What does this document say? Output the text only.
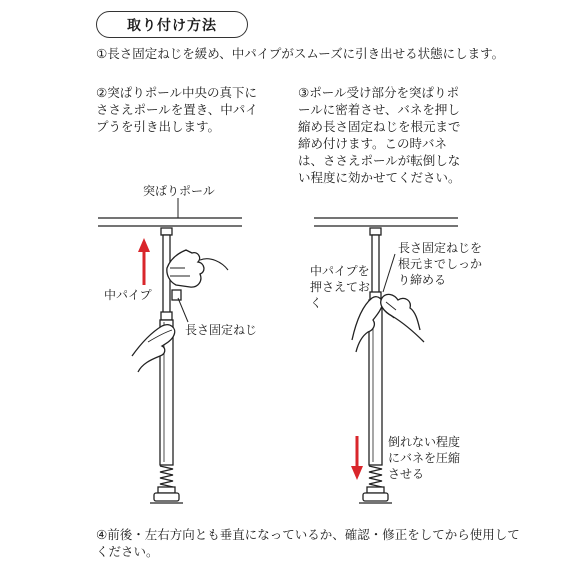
取り付け方法

①長さ固定ねじを緩め、中パイプがスムーズに引き出せる状態にします。

②突ぱりポール中央の真下にささえポールを置き、中パイプうを引き出します。

③ポール受け部分を突ぱりポールに密着させ、バネを押し縮め長さ固定ねじを根元まで締め付けます。この時バネは、ささえポールが転倒しない程度に効かせてください。

④前後・左右方向とも垂直になっているか、確認・修正をしてから使用してください。

突ぱりポール
中パイプ
長さ固定ねじ
中パイプを押さえておく
長さ固定ねじを根元までしっかり締める
倒れない程度にバネを圧縮させる
